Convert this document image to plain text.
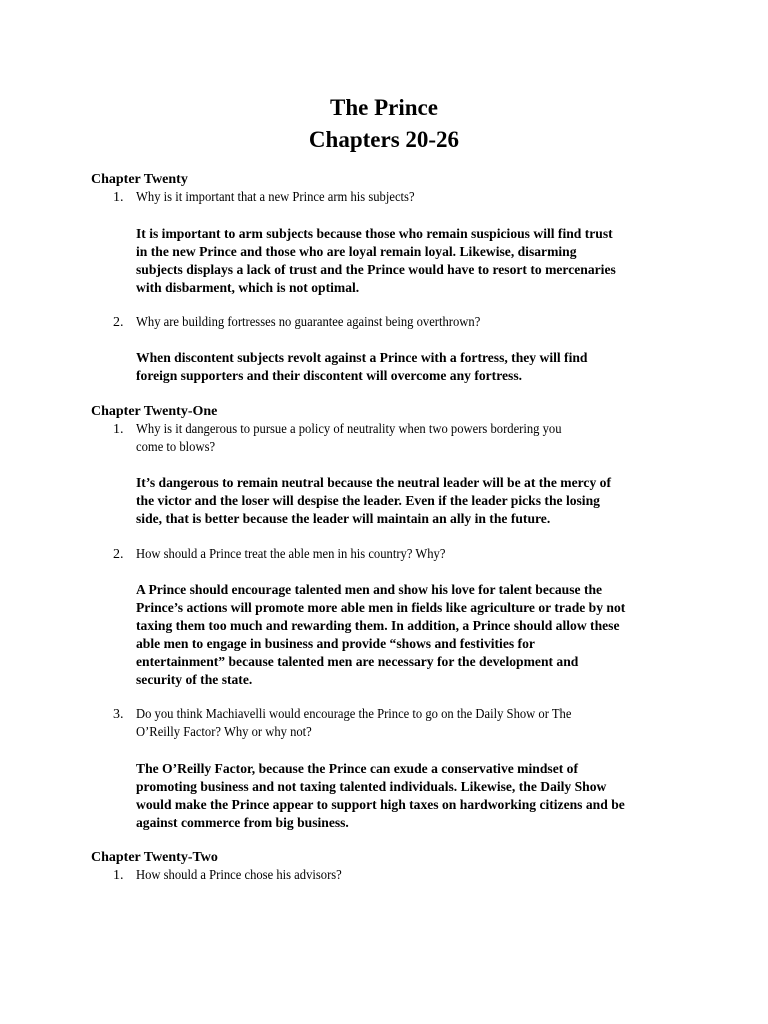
The Prince
Chapters 20-26
Chapter Twenty
1. Why is it important that a new Prince arm his subjects?
It is important to arm subjects because those who remain suspicious will find trust
in the new Prince and those who are loyal remain loyal. Likewise, disarming
subjects displays a lack of trust and the Prince would have to resort to mercenaries
with disbarment, which is not optimal.
2. Why are building fortresses no guarantee against being overthrown?
When discontent subjects revolt against a Prince with a fortress, they will find
foreign supporters and their discontent will overcome any fortress.
Chapter Twenty-One
1. Why is it dangerous to pursue a policy of neutrality when two powers bordering you
come to blows?
It’s dangerous to remain neutral because the neutral leader will be at the mercy of
the victor and the loser will despise the leader. Even if the leader picks the losing
side, that is better because the leader will maintain an ally in the future.
2. How should a Prince treat the able men in his country? Why?
A Prince should encourage talented men and show his love for talent because the
Prince’s actions will promote more able men in fields like agriculture or trade by not
taxing them too much and rewarding them. In addition, a Prince should allow these
able men to engage in business and provide “shows and festivities for
entertainment” because talented men are necessary for the development and
security of the state.
3. Do you think Machiavelli would encourage the Prince to go on the Daily Show or The
O’Reilly Factor? Why or why not?
The O’Reilly Factor, because the Prince can exude a conservative mindset of
promoting business and not taxing talented individuals. Likewise, the Daily Show
would make the Prince appear to support high taxes on hardworking citizens and be
against commerce from big business.
Chapter Twenty-Two
1. How should a Prince chose his advisors?
